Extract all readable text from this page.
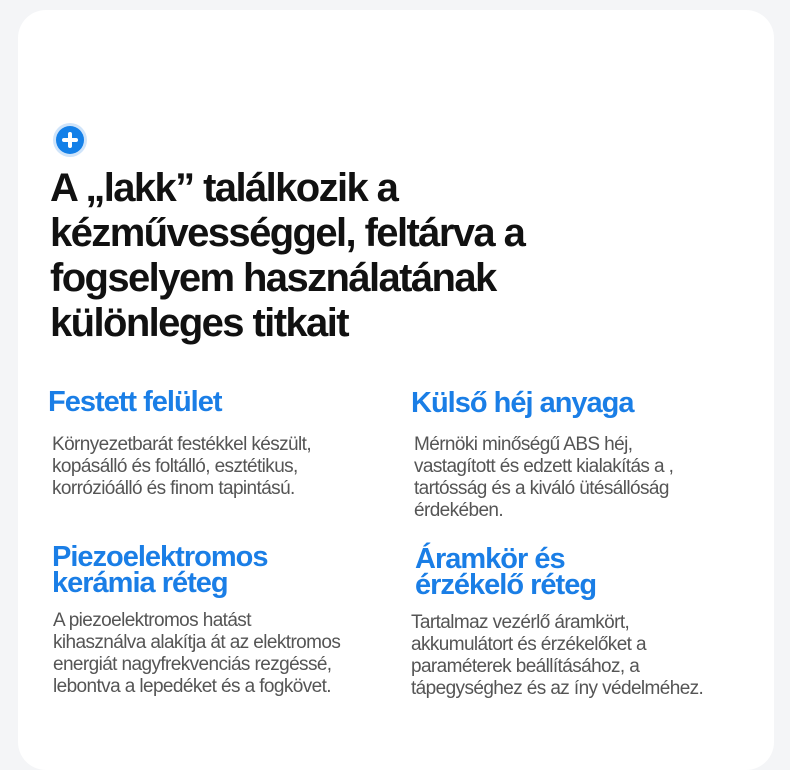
A „lakk” találkozik a
kézművességgel, feltárva a
fogselyem használatának
különleges titkait
Festett felület

Környezetbarát festékkel készült,
kopásálló és foltálló, esztétikus,
korrózióálló és finom tapintású.

Külső héj anyaga

Mérnöki minőségű ABS héj,
vastagított és edzett kialakítás a ,
tartósság és a kiváló ütésállóság
érdekében.

Piezoelektromos
kerámia réteg

A piezoelektromos hatást
kihasználva alakítja át az elektromos
energiát nagyfrekvenciás rezgéssé,
lebontva a lepedéket és a fogkövet.

Áramkör és
érzékelő réteg

Tartalmaz vezérlő áramkört,
akkumulátort és érzékelőket a
paraméterek beállításához, a
tápegységhez és az íny védelméhez.
